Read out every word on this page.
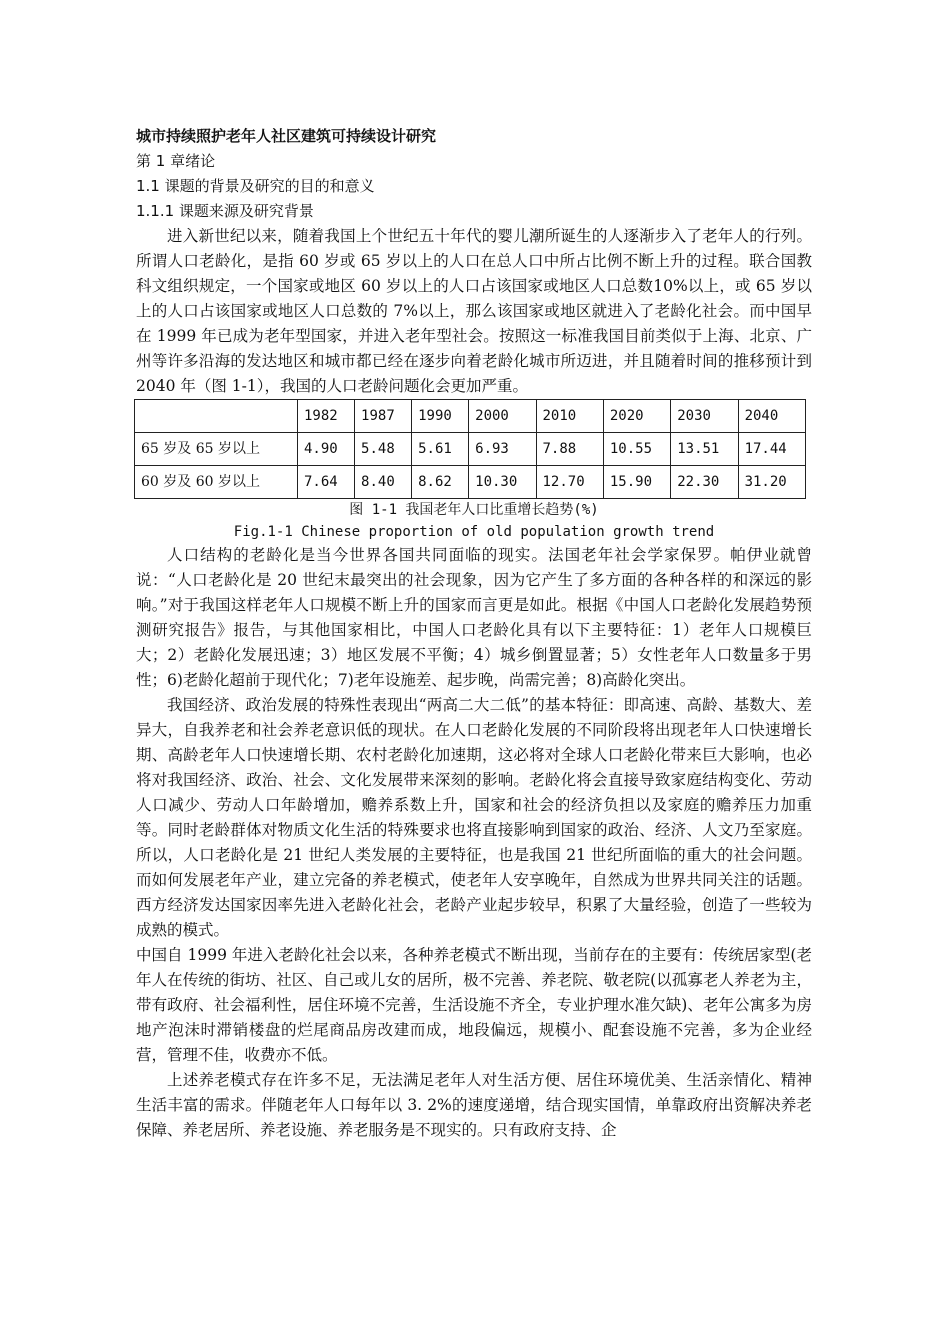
城市持续照护老年人社区建筑可持续设计研究
第 1 章绪论
1.1 课题的背景及研究的目的和意义
1.1.1 课题来源及研究背景

进入新世纪以来，随着我国上个世纪五十年代的婴儿潮所诞生的人逐渐步入了老年人的行列。所谓人口老龄化，是指 60 岁或 65 岁以上的人口在总人口中所占比例不断上升的过程。联合国教科文组织规定，一个国家或地区 60 岁以上的人口占该国家或地区人口总数10%以上，或 65 岁以上的人口占该国家或地区人口总数的 7%以上，那么该国家或地区就进入了老龄化社会。而中国早在 1999 年已成为老年型国家，并进入老年型社会。按照这一标准我国目前类似于上海、北京、广州等许多沿海的发达地区和城市都已经在逐步向着老龄化城市所迈进，并且随着时间的推移预计到 2040 年（图 1-1），我国的人口老龄问题化会更加严重。

	1982	1987	1990	2000	2010	2020	2030	2040
65 岁及 65 岁以上	4.90	5.48	5.61	6.93	7.88	10.55	13.51	17.44
60 岁及 60 岁以上	7.64	8.40	8.62	10.30	12.70	15.90	22.30	31.20
图 1-1 我国老年人口比重增长趋势(%)
Fig.1-1 Chinese proportion of old population growth trend

人口结构的老龄化是当今世界各国共同面临的现实。法国老年社会学家保罗。帕伊业就曾说：“人口老龄化是 20 世纪末最突出的社会现象，因为它产生了多方面的各种各样的和深远的影响。”对于我国这样老年人口规模不断上升的国家而言更是如此。根据《中国人口老龄化发展趋势预测研究报告》报告，与其他国家相比，中国人口老龄化具有以下主要特征：1）老年人口规模巨大；2）老龄化发展迅速；3）地区发展不平衡；4）城乡倒置显著；5）女性老年人口数量多于男性；6)老龄化超前于现代化；7)老年设施差、起步晚，尚需完善；8)高龄化突出。

我国经济、政治发展的特殊性表现出“两高二大二低”的基本特征：即高速、高龄、基数大、差异大，自我养老和社会养老意识低的现状。在人口老龄化发展的不同阶段将出现老年人口快速增长期、高龄老年人口快速增长期、农村老龄化加速期，这必将对全球人口老龄化带来巨大影响，也必将对我国经济、政治、社会、文化发展带来深刻的影响。老龄化将会直接导致家庭结构变化、劳动人口减少、劳动人口年龄增加，赡养系数上升，国家和社会的经济负担以及家庭的赡养压力加重等。同时老龄群体对物质文化生活的特殊要求也将直接影响到国家的政治、经济、人文乃至家庭。所以，人口老龄化是 21 世纪人类发展的主要特征，也是我国 21 世纪所面临的重大的社会问题。而如何发展老年产业，建立完备的养老模式，使老年人安享晚年，自然成为世界共同关注的话题。西方经济发达国家因率先进入老龄化社会，老龄产业起步较早，积累了大量经验，创造了一些较为成熟的模式。

中国自 1999 年进入老龄化社会以来，各种养老模式不断出现，当前存在的主要有：传统居家型(老年人在传统的街坊、社区、自己或儿女的居所，极不完善、养老院、敬老院(以孤寡老人养老为主，带有政府、社会福利性，居住环境不完善，生活设施不齐全，专业护理水准欠缺)、老年公寓多为房地产泡沫时滞销楼盘的烂尾商品房改建而成，地段偏远，规模小、配套设施不完善，多为企业经营，管理不佳，收费亦不低。

上述养老模式存在许多不足，无法满足老年人对生活方便、居住环境优美、生活亲情化、精神生活丰富的需求。伴随老年人口每年以 3. 2%的速度递增，结合现实国情，单靠政府出资解决养老保障、养老居所、养老设施、养老服务是不现实的。只有政府支持、企
